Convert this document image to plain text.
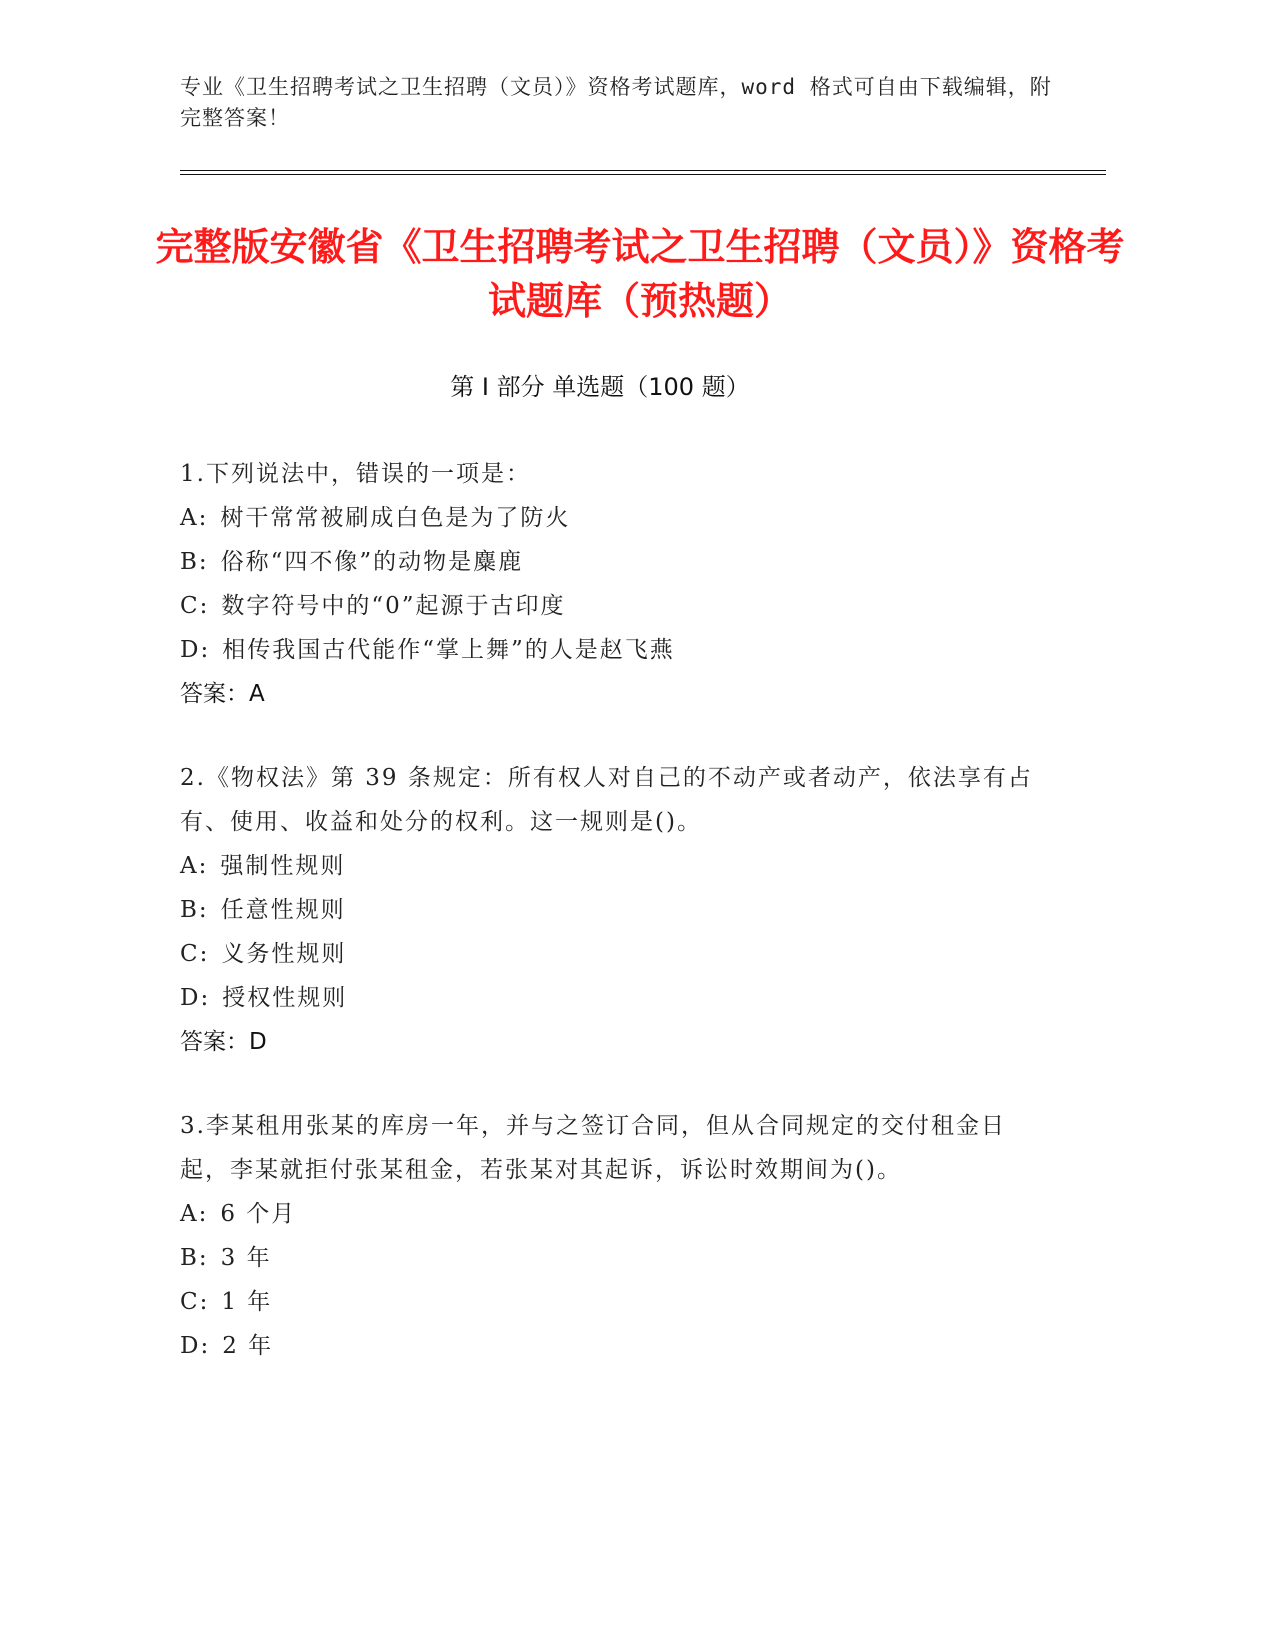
专业《卫生招聘考试之卫生招聘（文员）》资格考试题库，word 格式可自由下载编辑，附完整答案！
完整版安徽省《卫生招聘考试之卫生招聘（文员）》资格考试题库（预热题）
第 I 部分 单选题（100 题）

1.下列说法中，错误的一项是：

A: 树干常常被刷成白色是为了防火

B: 俗称“四不像”的动物是麋鹿

C: 数字符号中的“0”起源于古印度

D: 相传我国古代能作“掌上舞”的人是赵飞燕

答案：A

2.《物权法》第 39 条规定：所有权人对自己的不动产或者动产，依法享有占有、使用、收益和处分的权利。这一规则是()。

A: 强制性规则

B: 任意性规则

C: 义务性规则

D: 授权性规则

答案：D

3.李某租用张某的库房一年，并与之签订合同，但从合同规定的交付租金日起，李某就拒付张某租金，若张某对其起诉，诉讼时效期间为()。

A: 6 个月

B: 3 年

C: 1 年

D: 2 年
